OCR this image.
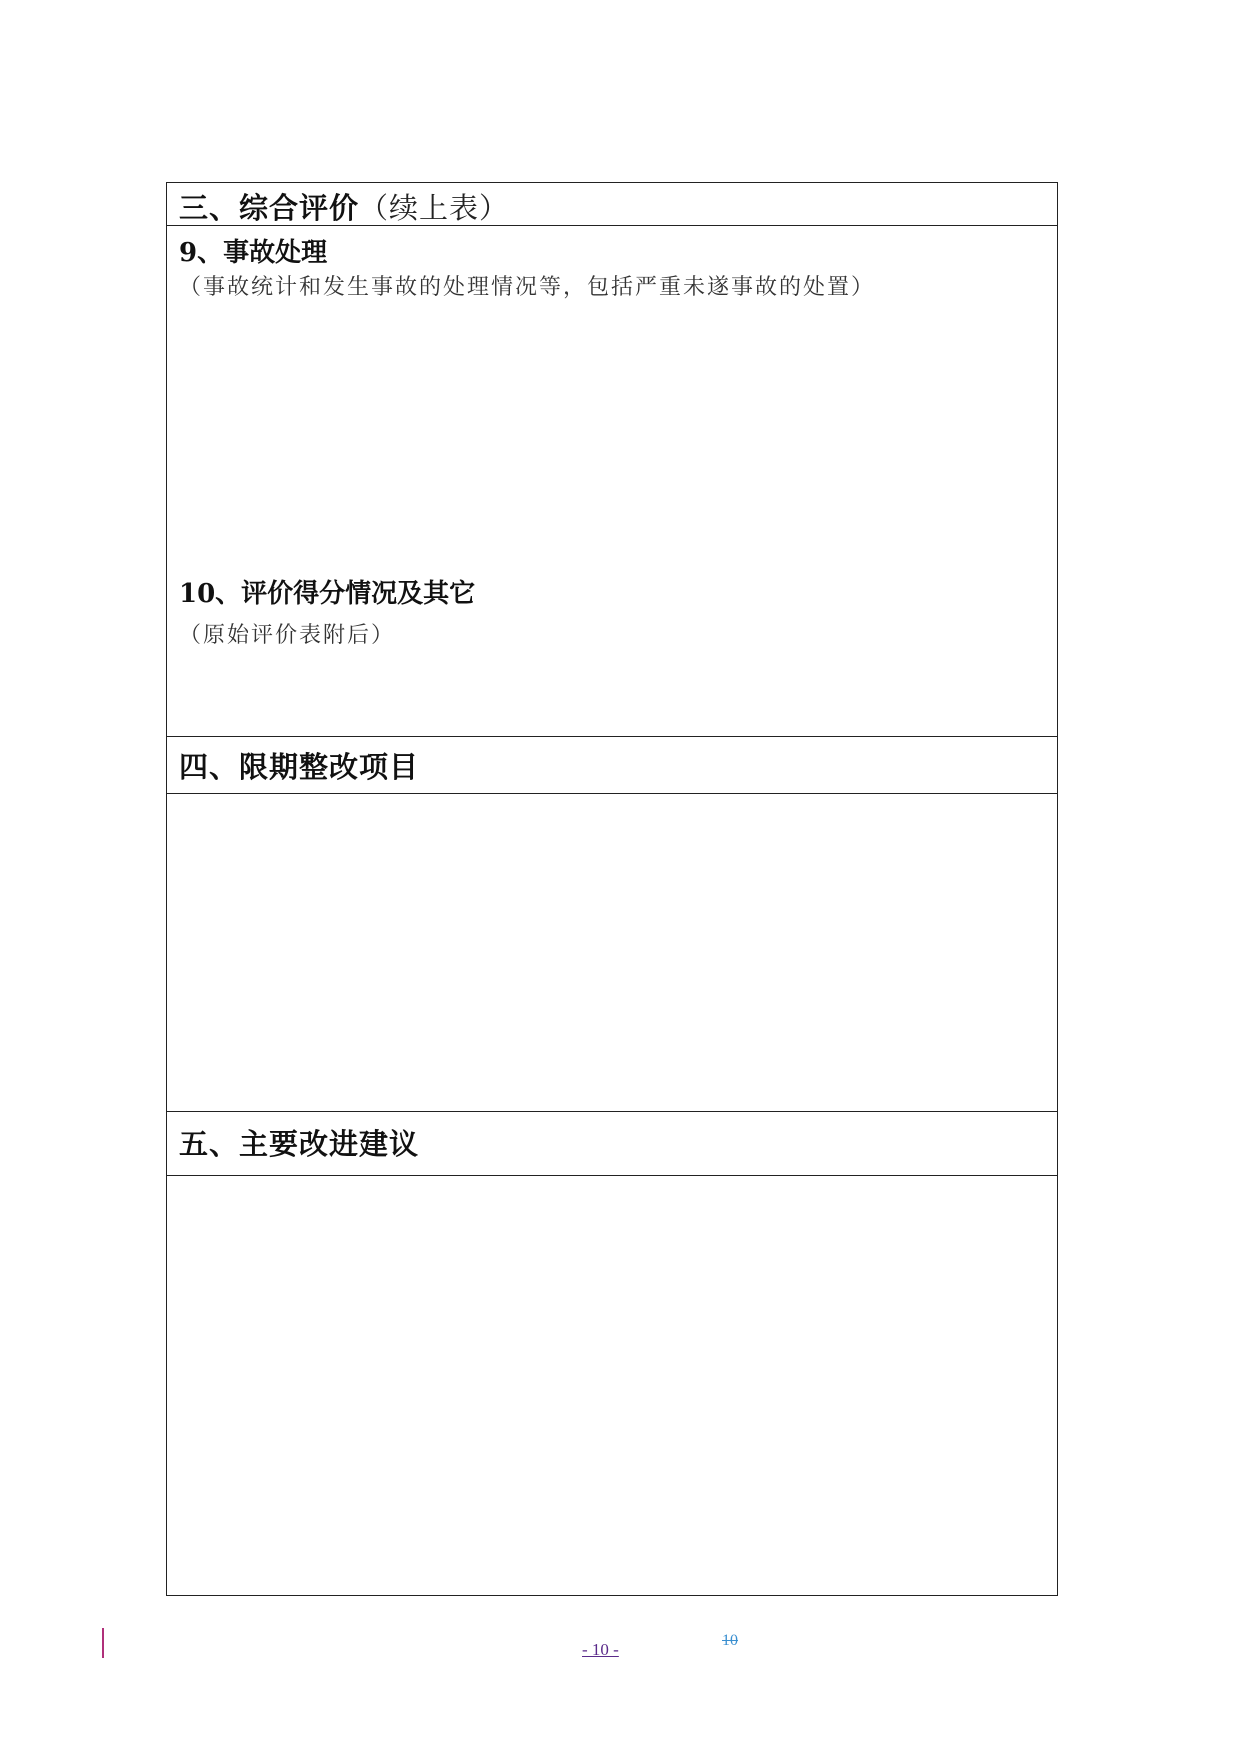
三、综合评价（续上表）
9、事故处理
（事故统计和发生事故的处理情况等，包括严重未遂事故的处置）
10、评价得分情况及其它
（原始评价表附后）
四、限期整改项目
五、主要改进建议
- 10 -	10
